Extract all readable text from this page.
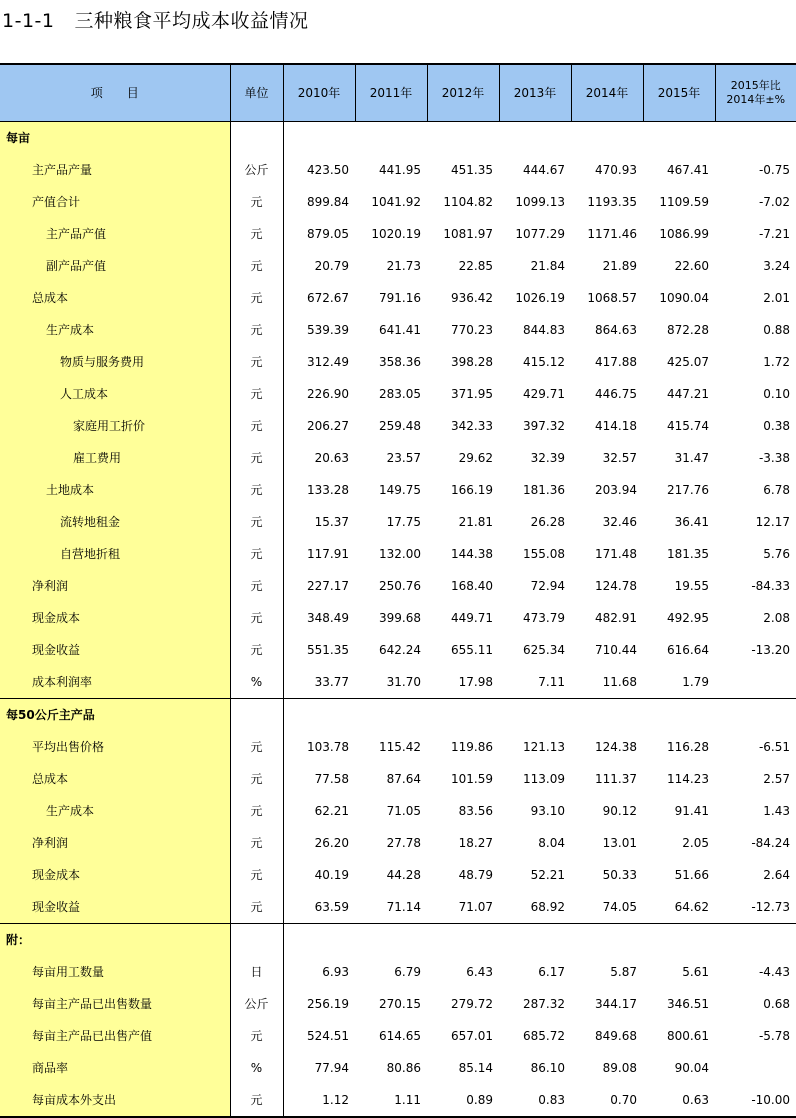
1-1-1 三种粮食平均成本收益情况
项　　目	单位	2010年	2011年	2012年	2013年	2014年	2015年	2015年比
2014年±%
每亩								
主产品产量	公斤	423.50	441.95	451.35	444.67	470.93	467.41	-0.75
产值合计	元	899.84	1041.92	1104.82	1099.13	1193.35	1109.59	-7.02
主产品产值	元	879.05	1020.19	1081.97	1077.29	1171.46	1086.99	-7.21
副产品产值	元	20.79	21.73	22.85	21.84	21.89	22.60	3.24
总成本	元	672.67	791.16	936.42	1026.19	1068.57	1090.04	2.01
生产成本	元	539.39	641.41	770.23	844.83	864.63	872.28	0.88
物质与服务费用	元	312.49	358.36	398.28	415.12	417.88	425.07	1.72
人工成本	元	226.90	283.05	371.95	429.71	446.75	447.21	0.10
家庭用工折价	元	206.27	259.48	342.33	397.32	414.18	415.74	0.38
雇工费用	元	20.63	23.57	29.62	32.39	32.57	31.47	-3.38
土地成本	元	133.28	149.75	166.19	181.36	203.94	217.76	6.78
流转地租金	元	15.37	17.75	21.81	26.28	32.46	36.41	12.17
自营地折租	元	117.91	132.00	144.38	155.08	171.48	181.35	5.76
净利润	元	227.17	250.76	168.40	72.94	124.78	19.55	-84.33
现金成本	元	348.49	399.68	449.71	473.79	482.91	492.95	2.08
现金收益	元	551.35	642.24	655.11	625.34	710.44	616.64	-13.20
成本利润率	%	33.77	31.70	17.98	7.11	11.68	1.79	
每50公斤主产品								
平均出售价格	元	103.78	115.42	119.86	121.13	124.38	116.28	-6.51
总成本	元	77.58	87.64	101.59	113.09	111.37	114.23	2.57
生产成本	元	62.21	71.05	83.56	93.10	90.12	91.41	1.43
净利润	元	26.20	27.78	18.27	8.04	13.01	2.05	-84.24
现金成本	元	40.19	44.28	48.79	52.21	50.33	51.66	2.64
现金收益	元	63.59	71.14	71.07	68.92	74.05	64.62	-12.73
附：								
每亩用工数量	日	6.93	6.79	6.43	6.17	5.87	5.61	-4.43
每亩主产品已出售数量	公斤	256.19	270.15	279.72	287.32	344.17	346.51	0.68
每亩主产品已出售产值	元	524.51	614.65	657.01	685.72	849.68	800.61	-5.78
商品率	%	77.94	80.86	85.14	86.10	89.08	90.04	
每亩成本外支出	元	1.12	1.11	0.89	0.83	0.70	0.63	-10.00
